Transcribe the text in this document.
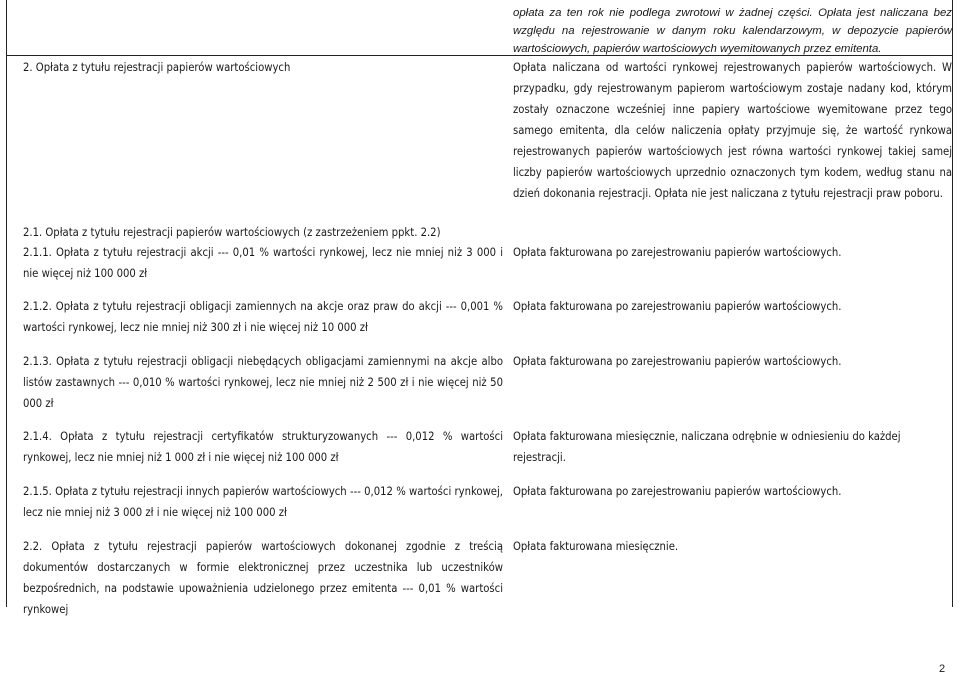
opłata za ten rok nie podlega zwrotowi w żadnej części. Opłata jest naliczana bez
względu na rejestrowanie w danym roku kalendarzowym, w depozycie papierów
wartościowych, papierów wartościowych wyemitowanych przez emitenta.
2. Opłata z tytułu rejestracji papierów wartościowych	Opłata naliczana od wartości rynkowej rejestrowanych papierów wartościowych. W przypadku, gdy rejestrowanym papierom wartościowym zostaje nadany kod, którym zostały oznaczone wcześniej inne papiery wartościowe wyemitowane przez tego samego emitenta, dla celów naliczenia opłaty przyjmuje się, że wartość rynkowa rejestrowanych papierów wartościowych jest równa wartości rynkowej takiej samej liczby papierów wartościowych uprzednio oznaczonych tym kodem, według stanu na dzień dokonania rejestracji. Opłata nie jest naliczana z tytułu rejestracji praw poboru.
2.1. Opłata z tytułu rejestracji papierów wartościowych (z zastrzeżeniem ppkt. 2.2)
2.1.1. Opłata z tytułu rejestracji akcji --- 0,01 % wartości rynkowej, lecz nie mniej niż 3 000 i nie więcej niż 100 000 zł
Opłata fakturowana po zarejestrowaniu papierów wartościowych.
2.1.2. Opłata z tytułu rejestracji obligacji zamiennych na akcje oraz praw do akcji --- 0,001 % wartości rynkowej, lecz nie mniej niż 300 zł i nie więcej niż 10 000 zł
Opłata fakturowana po zarejestrowaniu papierów wartościowych.
2.1.3. Opłata z tytułu rejestracji obligacji niebędących obligacjami zamiennymi na akcje albo listów zastawnych --- 0,010 % wartości rynkowej, lecz nie mniej niż 2 500 zł i nie więcej niż 50 000 zł
Opłata fakturowana po zarejestrowaniu papierów wartościowych.
2.1.4. Opłata z tytułu rejestracji certyfikatów strukturyzowanych --- 0,012 % wartości rynkowej, lecz nie mniej niż 1 000 zł i nie więcej niż 100 000 zł
Opłata fakturowana miesięcznie, naliczana odrębnie w odniesieniu do każdej rejestracji.
2.1.5. Opłata z tytułu rejestracji innych papierów wartościowych --- 0,012 % wartości rynkowej, lecz nie mniej niż 3 000 zł i nie więcej niż 100 000 zł
Opłata fakturowana po zarejestrowaniu papierów wartościowych.
2.2. Opłata z tytułu rejestracji papierów wartościowych dokonanej zgodnie z treścią dokumentów dostarczanych w formie elektronicznej przez uczestnika lub uczestników bezpośrednich, na podstawie upoważnienia udzielonego przez emitenta --- 0,01 % wartości rynkowej
Opłata fakturowana miesięcznie.
2
